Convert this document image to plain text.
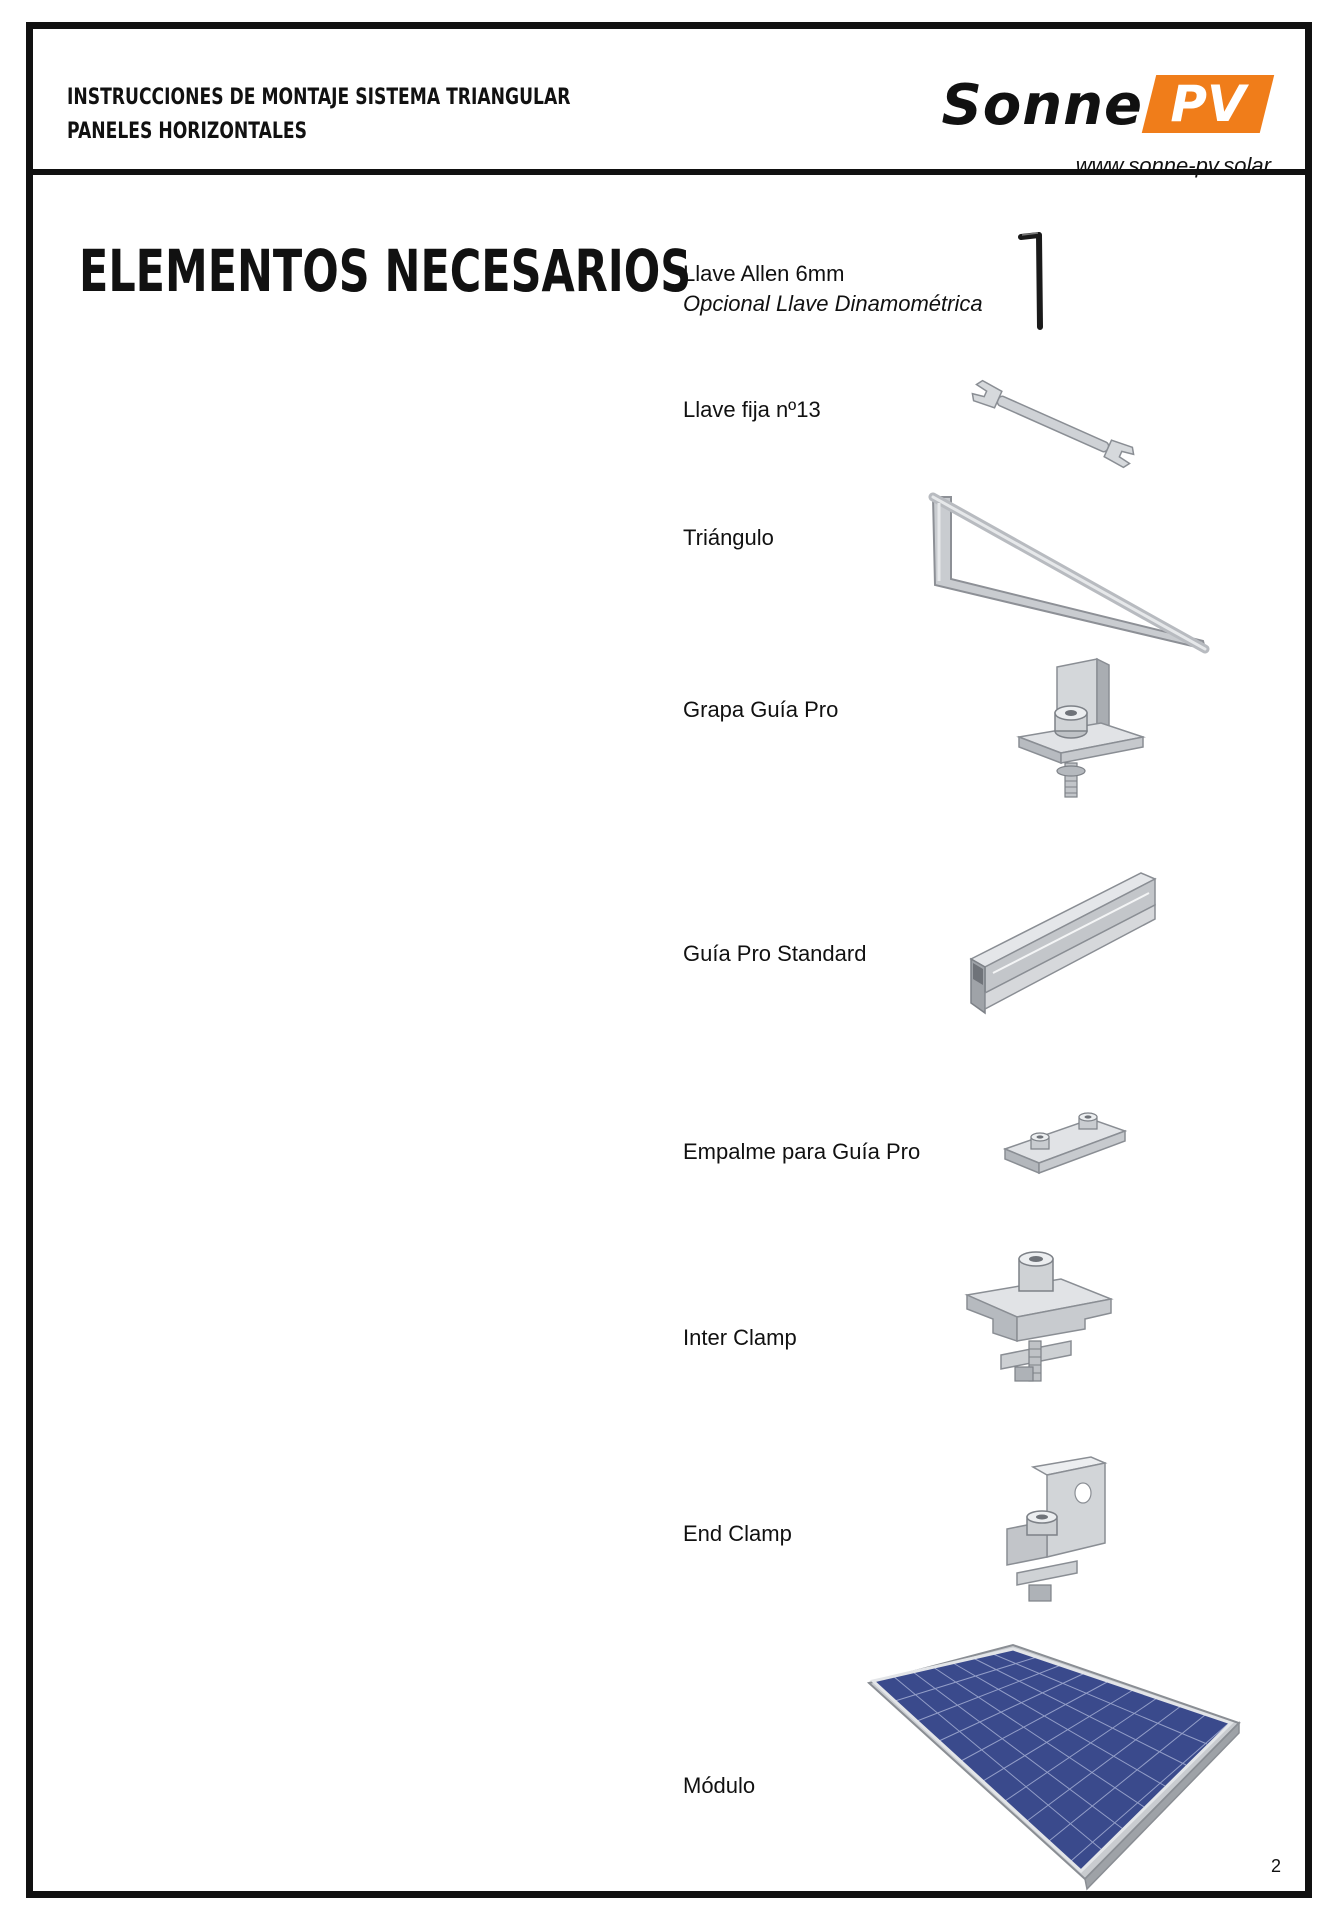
INSTRUCCIONES DE MONTAJE SISTEMA TRIANGULAR
PANELES HORIZONTALES	Sonne PV
www.sonne-pv.solar
ELEMENTOS NECESARIOS
Llave Allen 6mm
Opcional Llave Dinamométrica
Llave fija nº13
Triángulo
Grapa Guía Pro
Guía Pro Standard
Empalme para Guía Pro
Inter Clamp
End Clamp
Módulo
2
